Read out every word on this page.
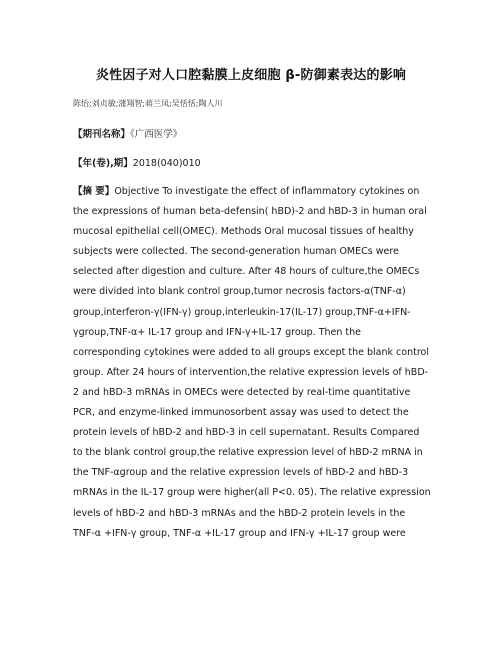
炎性因子对人口腔黏膜上皮细胞 β-防御素表达的影响
陈怡;刘贞敏;蒲翔智;蒋兰凤;吴恬恬;陶人川
【期刊名称】《广西医学》
【年(卷),期】2018(040)010
【摘 要】Objective To investigate the effect of inflammatory cytokines on
the expressions of human beta-defensin( hBD)-2 and hBD-3 in human oral
mucosal epithelial cell(OMEC). Methods Oral mucosal tissues of healthy
subjects were collected. The second-generation human OMECs were
selected after digestion and culture. After 48 hours of culture,the OMECs
were divided into blank control group,tumor necrosis factors-α(TNF-α)
group,interferon-γ(IFN-γ) group,interleukin-17(IL-17) group,TNF-α+IFN-
γgroup,TNF-α+ IL-17 group and IFN-γ+IL-17 group. Then the
corresponding cytokines were added to all groups except the blank control
group. After 24 hours of intervention,the relative expression levels of hBD-
2 and hBD-3 mRNAs in OMECs were detected by real-time quantitative
PCR, and enzyme-linked immunosorbent assay was used to detect the
protein levels of hBD-2 and hBD-3 in cell supernatant. Results Compared
to the blank control group,the relative expression level of hBD-2 mRNA in
the TNF-αgroup and the relative expression levels of hBD-2 and hBD-3
mRNAs in the IL-17 group were higher(all P<0. 05). The relative expression
levels of hBD-2 and hBD-3 mRNAs and the hBD-2 protein levels in the
TNF-α +IFN-γ group, TNF-α +IL-17 group and IFN-γ +IL-17 group were
